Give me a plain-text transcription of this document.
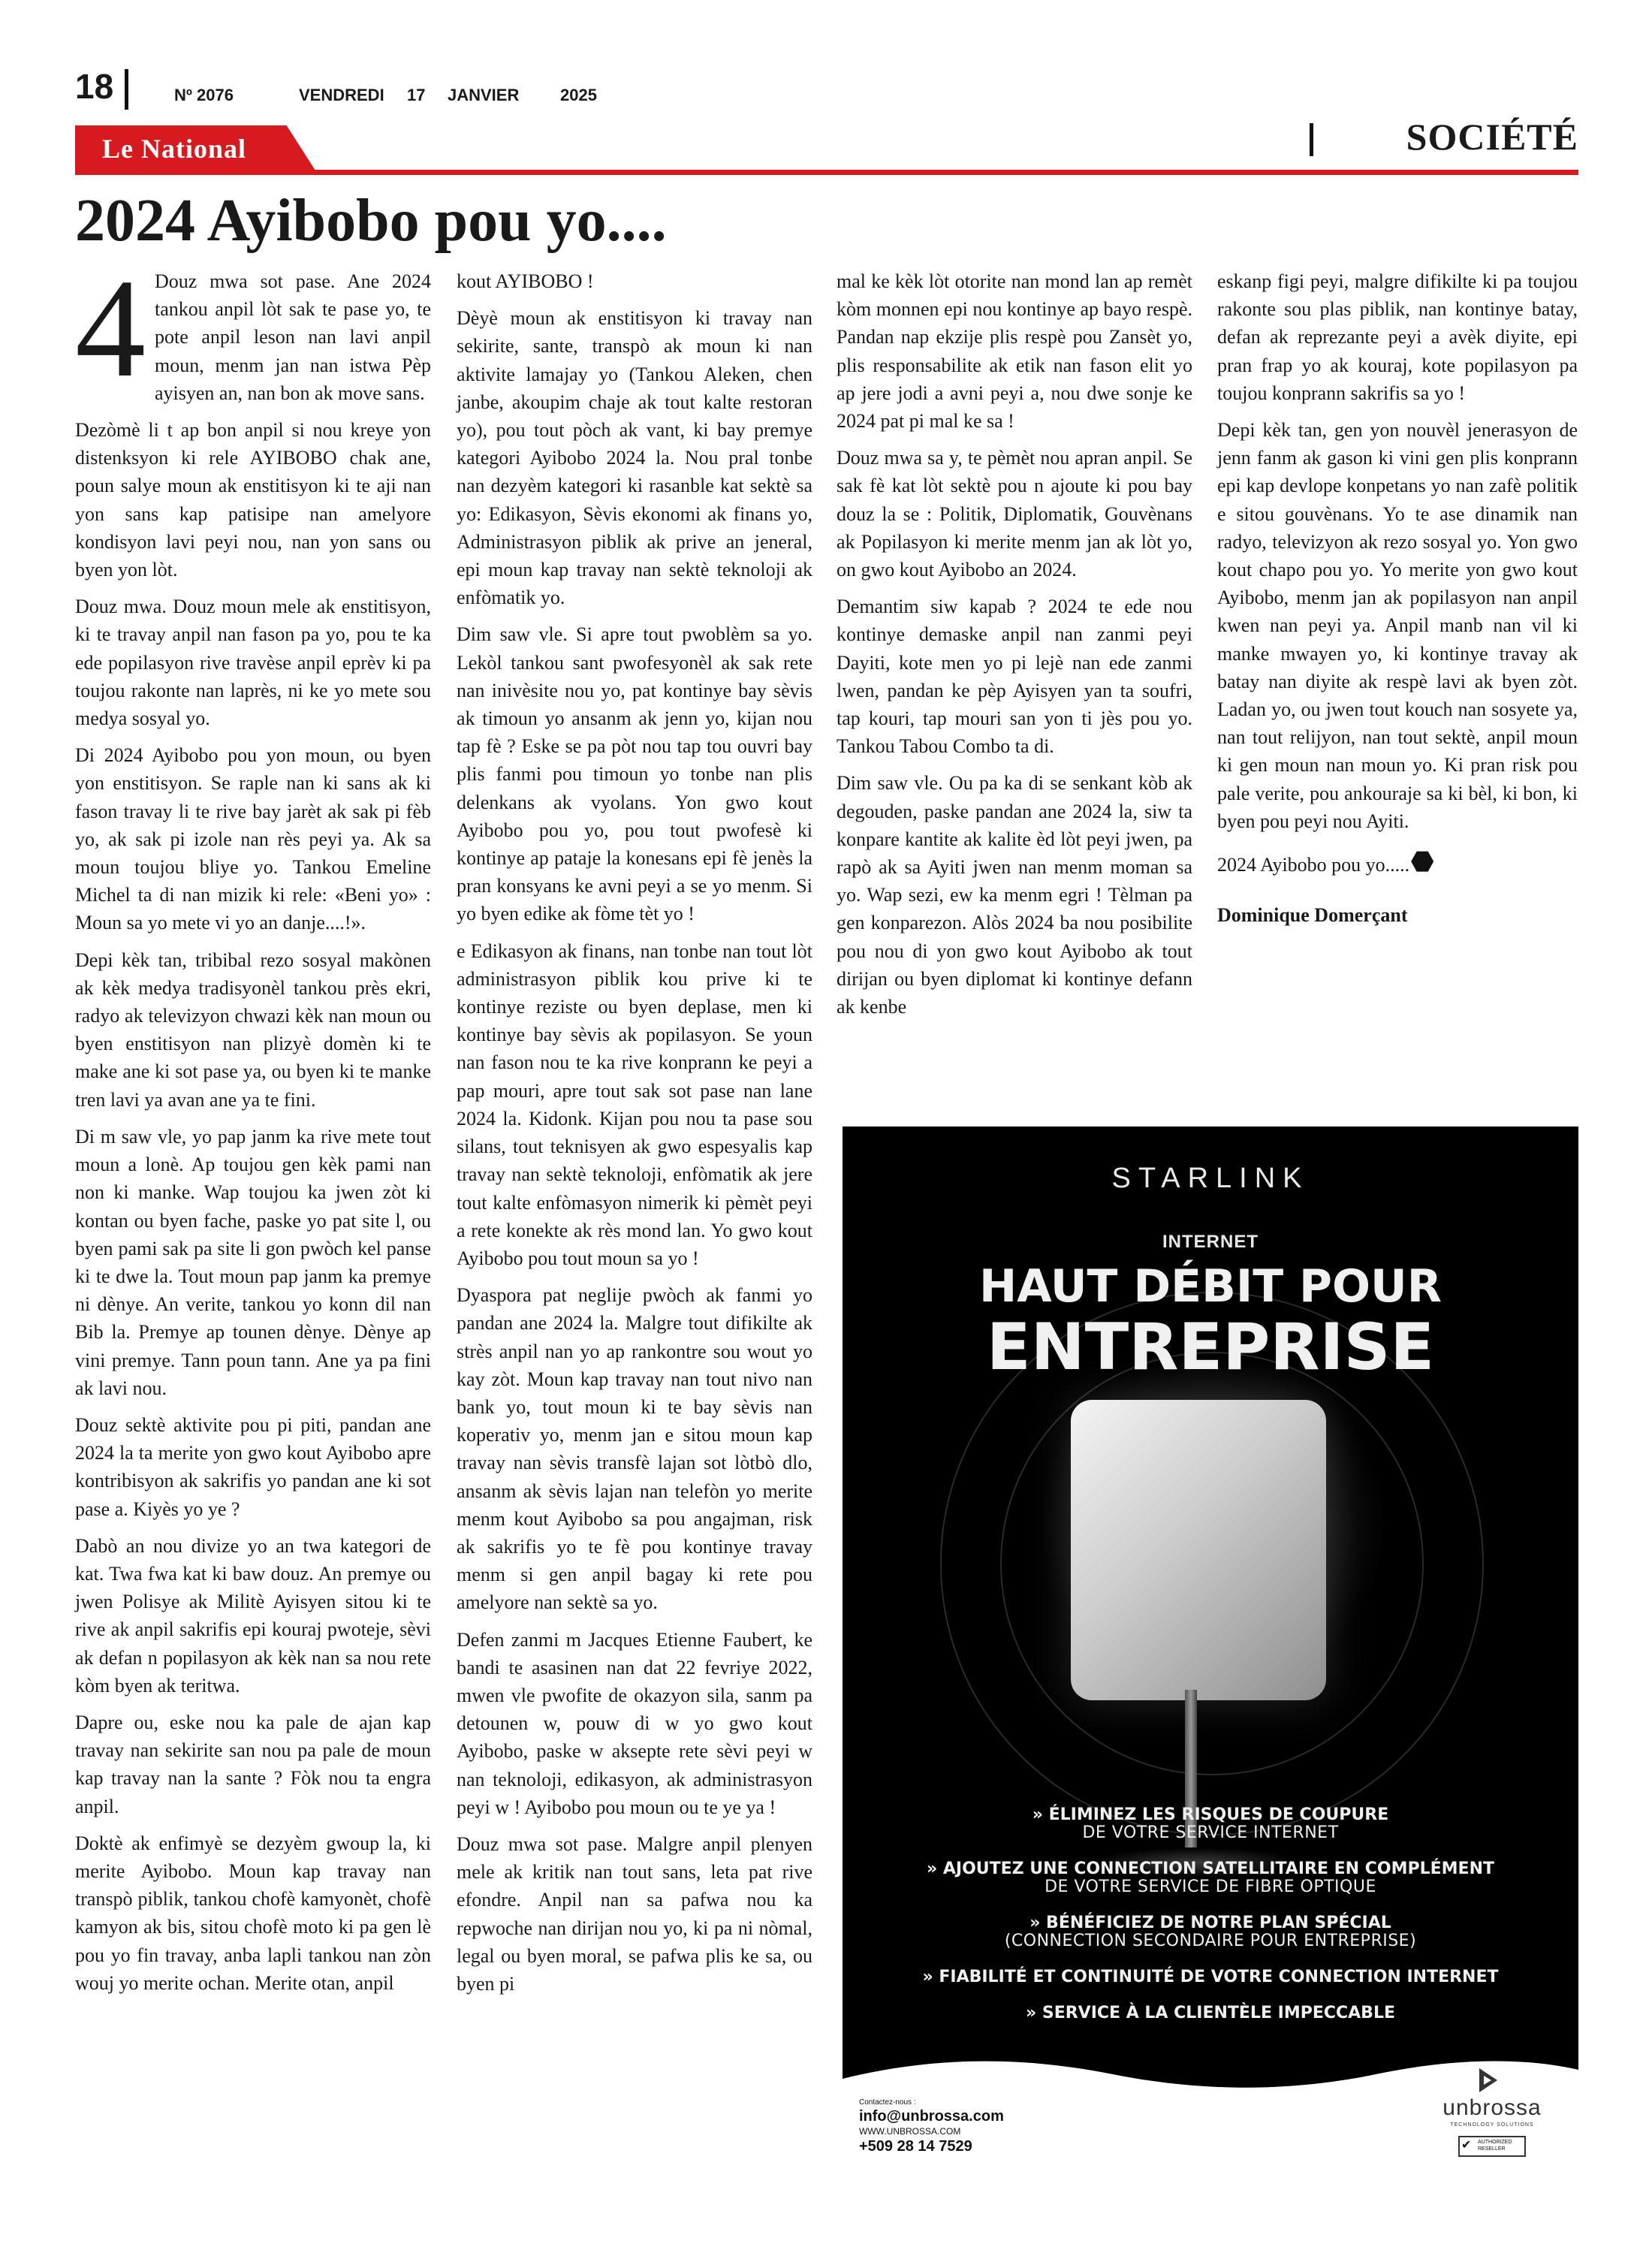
18	Nº 2076	VENDREDI 17 JANVIER 2025
Le National	SOCIÉTÉ
2024 Ayibobo pou yo....

4 Douz mwa sot pase. Ane 2024 tankou anpil lòt sak te pase yo, te pote anpil leson nan lavi anpil moun, menm jan nan istwa Pèp ayisyen an, nan bon ak move sans.

Dezòmè li t ap bon anpil si nou kreye yon distenksyon ki rele AYIBOBO chak ane, poun salye moun ak enstitisyon ki te aji nan yon sans kap patisipe nan amelyore kondisyon lavi peyi nou, nan yon sans ou byen yon lòt.

Douz mwa. Douz moun mele ak enstitisyon, ki te travay anpil nan fason pa yo, pou te ka ede popilasyon rive travèse anpil eprèv ki pa toujou rakonte nan laprès, ni ke yo mete sou medya sosyal yo.

Di 2024 Ayibobo pou yon moun, ou byen yon enstitisyon. Se raple nan ki sans ak ki fason travay li te rive bay jarèt ak sak pi fèb yo, ak sak pi izole nan rès peyi ya. Ak sa moun toujou bliye yo. Tankou Emeline Michel ta di nan mizik ki rele: «Beni yo» : Moun sa yo mete vi yo an danje....!».

Depi kèk tan, tribibal rezo sosyal makònen ak kèk medya tradisyonèl tankou près ekri, radyo ak televizyon chwazi kèk nan moun ou byen enstitisyon nan plizyè domèn ki te make ane ki sot pase ya, ou byen ki te manke tren lavi ya avan ane ya te fini.

Di m saw vle, yo pap janm ka rive mete tout moun a lonè. Ap toujou gen kèk pami nan non ki manke. Wap toujou ka jwen zòt ki kontan ou byen fache, paske yo pat site l, ou byen pami sak pa site li gon pwòch kel panse ki te dwe la. Tout moun pap janm ka premye ni dènye. An verite, tankou yo konn dil nan Bib la. Premye ap tounen dènye. Dènye ap vini premye. Tann poun tann. Ane ya pa fini ak lavi nou.

Douz sektè aktivite pou pi piti, pandan ane 2024 la ta merite yon gwo kout Ayibobo apre kontribisyon ak sakrifis yo pandan ane ki sot pase a. Kiyès yo ye ?

Dabò an nou divize yo an twa kategori de kat. Twa fwa kat ki baw douz. An premye ou jwen Polisye ak Militè Ayisyen sitou ki te rive ak anpil sakrifis epi kouraj pwoteje, sèvi ak defan n popilasyon ak kèk nan sa nou rete kòm byen ak teritwa.

Dapre ou, eske nou ka pale de ajan kap travay nan sekirite san nou pa pale de moun kap travay nan la sante ? Fòk nou ta engra anpil.

Doktè ak enfimyè se dezyèm gwoup la, ki merite Ayibobo. Moun kap travay nan transpò piblik, tankou chofè kamyonèt, chofè kamyon ak bis, sitou chofè moto ki pa gen lè pou yo fin travay, anba lapli tankou nan zòn wouj yo merite ochan. Merite otan, anpil

kout AYIBOBO !

Dèyè moun ak enstitisyon ki travay nan sekirite, sante, transpò ak moun ki nan aktivite lamajay yo (Tankou Aleken, chen janbe, akoupim chaje ak tout kalte restoran yo), pou tout pòch ak vant, ki bay premye kategori Ayibobo 2024 la. Nou pral tonbe nan dezyèm kategori ki rasanble kat sektè sa yo: Edikasyon, Sèvis ekonomi ak finans yo, Administrasyon piblik ak prive an jeneral, epi moun kap travay nan sektè teknoloji ak enfòmatik yo.

Dim saw vle. Si apre tout pwoblèm sa yo. Lekòl tankou sant pwofesyonèl ak sak rete nan inivèsite nou yo, pat kontinye bay sèvis ak timoun yo ansanm ak jenn yo, kijan nou tap fè ? Eske se pa pòt nou tap tou ouvri bay plis fanmi pou timoun yo tonbe nan plis delenkans ak vyolans. Yon gwo kout Ayibobo pou yo, pou tout pwofesè ki kontinye ap pataje la konesans epi fè jenès la pran konsyans ke avni peyi a se yo menm. Si yo byen edike ak fòme tèt yo !

e Edikasyon ak finans, nan tonbe nan tout lòt administrasyon piblik kou prive ki te kontinye reziste ou byen deplase, men ki kontinye bay sèvis ak popilasyon. Se youn nan fason nou te ka rive konprann ke peyi a pap mouri, apre tout sak sot pase nan lane 2024 la. Kidonk. Kijan pou nou ta pase sou silans, tout teknisyen ak gwo espesyalis kap travay nan sektè teknoloji, enfòmatik ak jere tout kalte enfòmasyon nimerik ki pèmèt peyi a rete konekte ak rès mond lan. Yo gwo kout Ayibobo pou tout moun sa yo !

Dyaspora pat neglije pwòch ak fanmi yo pandan ane 2024 la. Malgre tout difikilte ak strès anpil nan yo ap rankontre sou wout yo kay zòt. Moun kap travay nan tout nivo nan bank yo, tout moun ki te bay sèvis nan koperativ yo, menm jan e sitou moun kap travay nan sèvis transfè lajan sot lòtbò dlo, ansanm ak sèvis lajan nan telefòn yo merite menm kout Ayibobo sa pou angajman, risk ak sakrifis yo te fè pou kontinye travay menm si gen anpil bagay ki rete pou amelyore nan sektè sa yo.

Defen zanmi m Jacques Etienne Faubert, ke bandi te asasinen nan dat 22 fevriye 2022, mwen vle pwofite de okazyon sila, sanm pa detounen w, pouw di w yo gwo kout Ayibobo, paske w aksepte rete sèvi peyi w nan teknoloji, edikasyon, ak administrasyon peyi w ! Ayibobo pou moun ou te ye ya !

Douz mwa sot pase. Malgre anpil plenyen mele ak kritik nan tout sans, leta pat rive efondre. Anpil nan sa pafwa nou ka repwoche nan dirijan nou yo, ki pa ni nòmal, legal ou byen moral, se pafwa plis ke sa, ou byen pi

mal ke kèk lòt otorite nan mond lan ap remèt kòm monnen epi nou kontinye ap bayo respè. Pandan nap ekzije plis respè pou Zansèt yo, plis responsabilite ak etik nan fason elit yo ap jere jodi a avni peyi a, nou dwe sonje ke 2024 pat pi mal ke sa !

Douz mwa sa y, te pèmèt nou apran anpil. Se sak fè kat lòt sektè pou n ajoute ki pou bay douz la se : Politik, Diplomatik, Gouvènans ak Popilasyon ki merite menm jan ak lòt yo, on gwo kout Ayibobo an 2024.

Demantim siw kapab ? 2024 te ede nou kontinye demaske anpil nan zanmi peyi Dayiti, kote men yo pi lejè nan ede zanmi lwen, pandan ke pèp Ayisyen yan ta soufri, tap kouri, tap mouri san yon ti jès pou yo. Tankou Tabou Combo ta di.

Dim saw vle. Ou pa ka di se senkant kòb ak degouden, paske pandan ane 2024 la, siw ta konpare kantite ak kalite èd lòt peyi jwen, pa rapò ak sa Ayiti jwen nan menm moman sa yo. Wap sezi, ew ka menm egri ! Tèlman pa gen konparezon. Alòs 2024 ba nou posibilite pou nou di yon gwo kout Ayibobo ak tout dirijan ou byen diplomat ki kontinye defann ak kenbe

eskanp figi peyi, malgre difikilte ki pa toujou rakonte sou plas piblik, nan kontinye batay, defan ak reprezante peyi a avèk diyite, epi pran frap yo ak kouraj, kote popilasyon pa toujou konprann sakrifis sa yo !

Depi kèk tan, gen yon nouvèl jenerasyon de jenn fanm ak gason ki vini gen plis konprann epi kap devlope konpetans yo nan zafè politik e sitou gouvènans. Yo te ase dinamik nan radyo, televizyon ak rezo sosyal yo. Yon gwo kout chapo pou yo. Yo merite yon gwo kout Ayibobo, menm jan ak popilasyon nan anpil kwen nan peyi ya. Anpil manb nan vil ki manke mwayen yo, ki kontinye travay ak batay nan diyite ak respè lavi ak byen zòt. Ladan yo, ou jwen tout kouch nan sosyete ya, nan tout relijyon, nan tout sektè, anpil moun ki gen moun nan moun yo. Ki pran risk pou pale verite, pou ankouraje sa ki bèl, ki bon, ki byen pou peyi nou Ayiti.

2024 Ayibobo pou yo.....

Dominique Domerçant

STARLINK
INTERNET
HAUT DÉBIT POUR
ENTREPRISE
» ÉLIMINEZ LES RISQUES DE COUPURE
DE VOTRE SERVICE INTERNET
» AJOUTEZ UNE CONNECTION SATELLITAIRE EN COMPLÉMENT
DE VOTRE SERVICE DE FIBRE OPTIQUE
» BÉNÉFICIEZ DE NOTRE PLAN SPÉCIAL
(CONNECTION SECONDAIRE POUR ENTREPRISE)
» FIABILITÉ ET CONTINUITÉ DE VOTRE CONNECTION INTERNET
» SERVICE À LA CLIENTÈLE IMPECCABLE
Contactez-nous :
info@unbrossa.com
WWW.UNBROSSA.COM
+509 28 14 7529
unbrossa
TECHNOLOGY SOLUTIONS
✔ AUTHORIZED RESELLER
